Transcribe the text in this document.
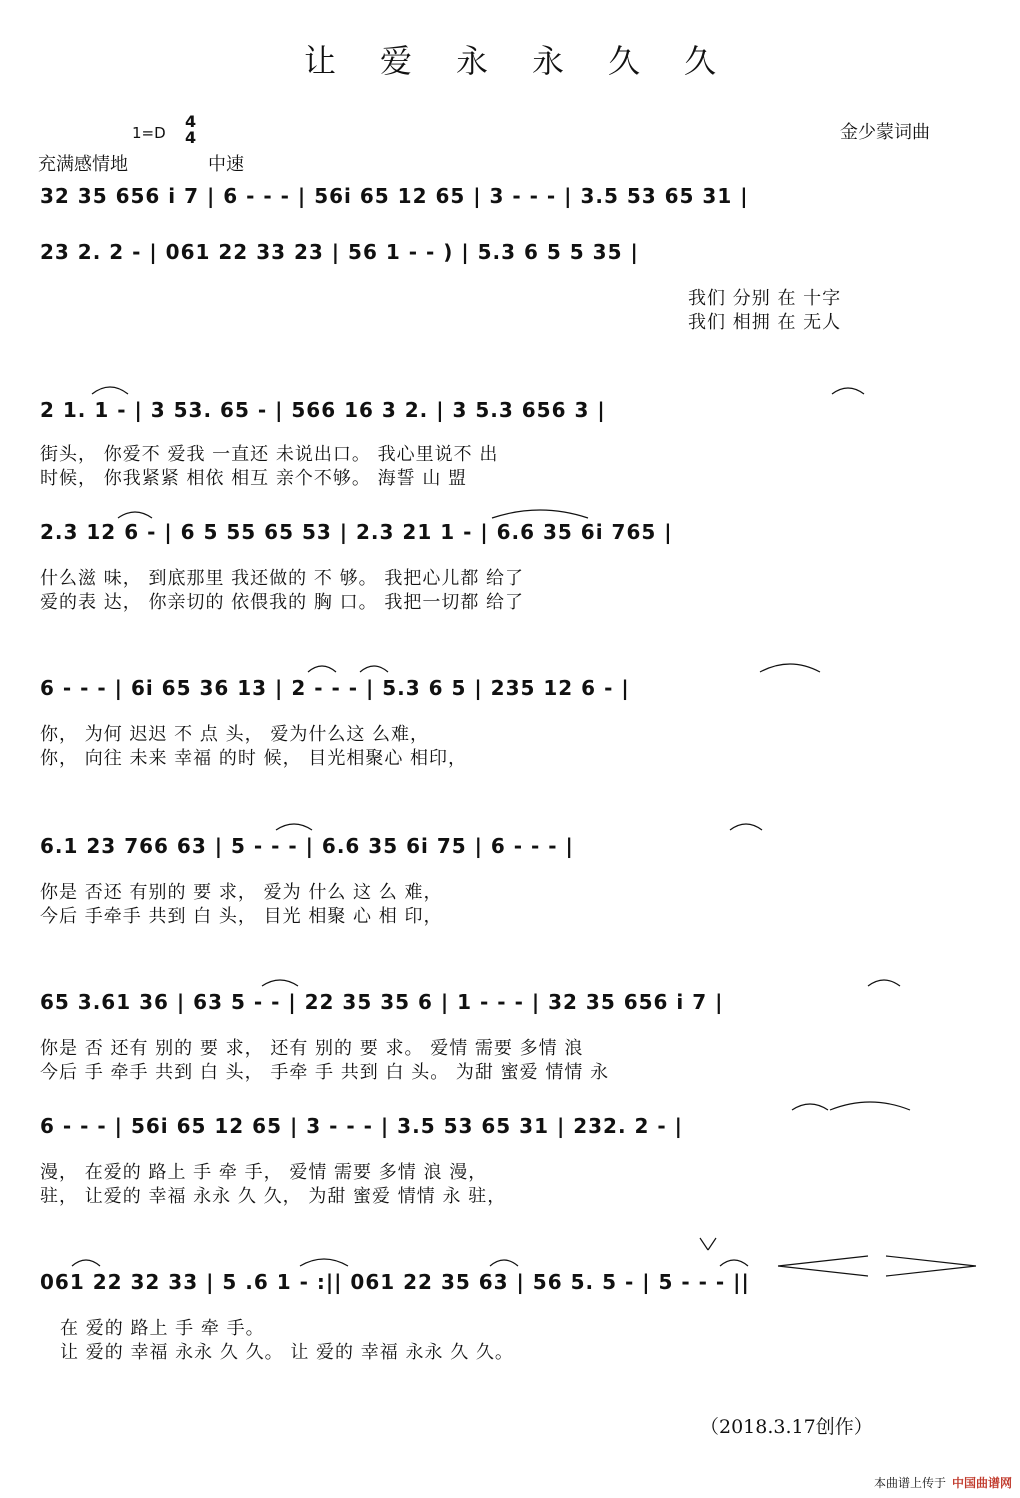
让爱永永久久
金少蒙词曲
1=D
4
4
充满感情地	中速
32 35 656 i 7 | 6 - - - | 56i 65 12 65 | 3 - - - | 3.5 53 65 31 |
23 2. 2 - | 061 22 33 23 | 56 1 - - ) | 5.3 6 5 5 35 |
我们 分别 在 十字
我们 相拥 在 无人
2 1. 1 - | 3 53. 65 - | 566 16 3 2. | 3 5.3 656 3 |
街头， 你爱不 爱我 一直还 未说出口。 我心里说不 出
时候， 你我紧紧 相依 相互 亲个不够。 海誓 山 盟
2.3 12 6 - | 6 5 55 65 53 | 2.3 21 1 - | 6.6 35 6i 765 |
什么滋 味， 到底那里 我还做的 不 够。 我把心儿都 给了
爱的表 达， 你亲切的 依偎我的 胸 口。 我把一切都 给了
6 - - - | 6i 65 36 13 | 2 - - - | 5.3 6 5 | 235 12 6 - |
你， 为何 迟迟 不 点 头， 爱为什么这 么难，
你， 向往 未来 幸福 的时 候， 目光相聚心 相印，
6.1 23 766 63 | 5 - - - | 6.6 35 6i 75 | 6 - - - |
你是 否还 有别的 要 求， 爱为 什么 这 么 难，
今后 手牵手 共到 白 头， 目光 相聚 心 相 印，
65 3.61 36 | 63 5 - - | 22 35 35 6 | 1 - - - | 32 35 656 i 7 |
你是 否 还有 别的 要 求， 还有 别的 要 求。 爱情 需要 多情 浪
今后 手 牵手 共到 白 头， 手牵 手 共到 白 头。 为甜 蜜爱 情情 永
6 - - - | 56i 65 12 65 | 3 - - - | 3.5 53 65 31 | 232. 2 - |
漫， 在爱的 路上 手 牵 手， 爱情 需要 多情 浪 漫，
驻， 让爱的 幸福 永永 久 久， 为甜 蜜爱 情情 永 驻，
061 22 32 33 | 5 .6 1 - :|| 061 22 35 63 | 56 5. 5 - | 5 - - - ||
在 爱的 路上 手 牵 手。
让 爱的 幸福 永永 久 久。 让 爱的 幸福 永永 久 久。
（2018.3.17创作）
本曲谱上传于 中国曲谱网
